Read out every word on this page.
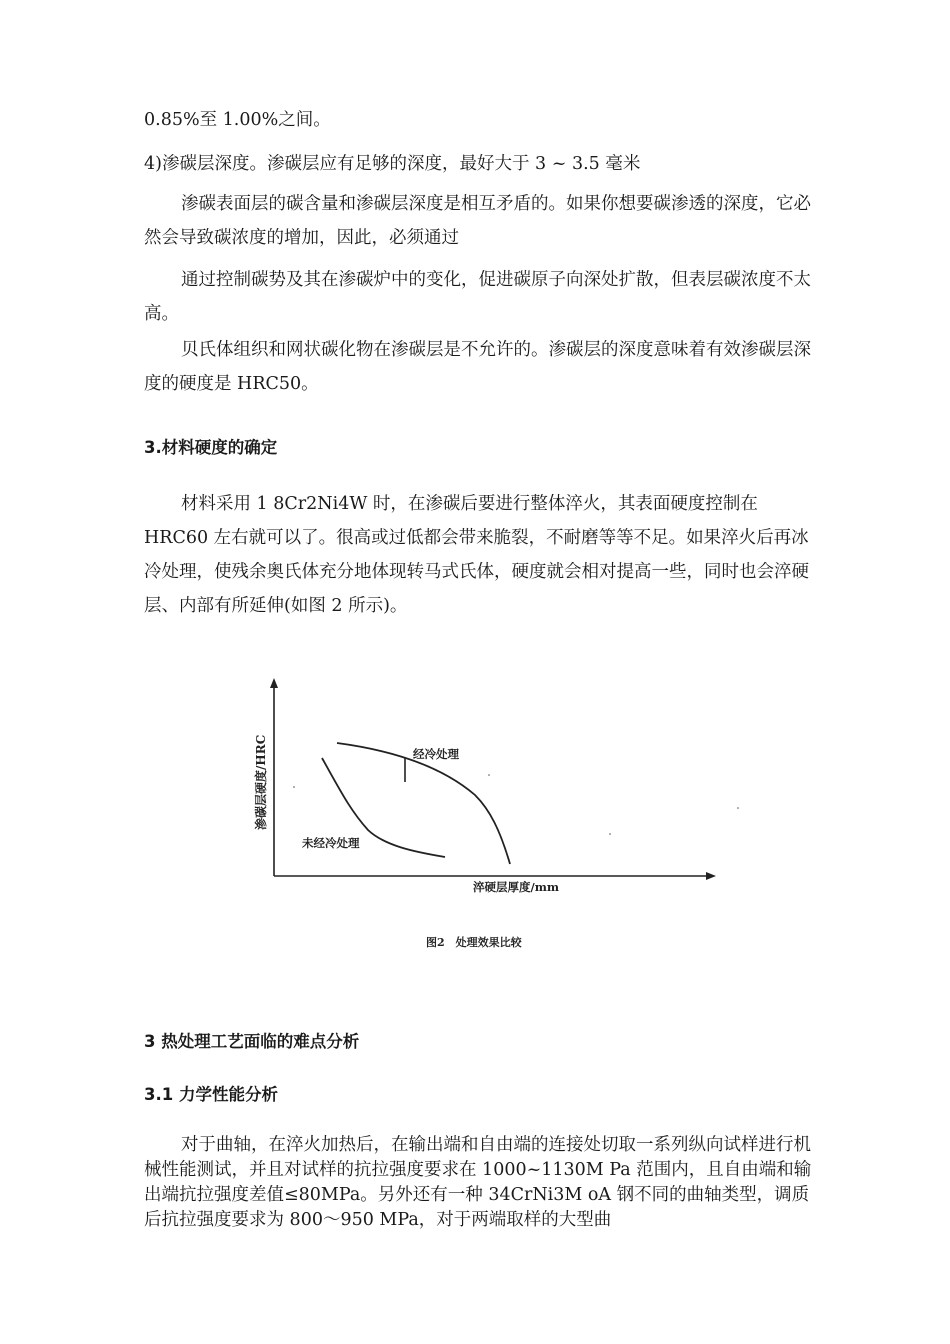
0.85%至 1.00%之间。

4)渗碳层深度。渗碳层应有足够的深度，最好大于 3 ~ 3.5 毫米

渗碳表面层的碳含量和渗碳层深度是相互矛盾的。如果你想要碳渗透的深度，它必然会导致碳浓度的增加，因此，必须通过

通过控制碳势及其在渗碳炉中的变化，促进碳原子向深处扩散，但表层碳浓度不太高。

贝氏体组织和网状碳化物在渗碳层是不允许的。渗碳层的深度意味着有效渗碳层深度的硬度是 HRC50。

3.材料硬度的确定

材料采用 1 8Cr2Ni4W 时，在渗碳后要进行整体淬火，其表面硬度控制在 HRC60 左右就可以了。很高或过低都会带来脆裂，不耐磨等等不足。如果淬火后再冰冷处理，使残余奥氏体充分地体现转马式氏体，硬度就会相对提高一些，同时也会淬硬层、内部有所延伸(如图 2 所示)。

渗碳层硬度/HRC
淬硬层厚度/mm
经冷处理
未经冷处理
图2　处理效果比较
3 热处理工艺面临的难点分析
3.1 力学性能分析

对于曲轴，在淬火加热后，在输出端和自由端的连接处切取一系列纵向试样进行机械性能测试，并且对试样的抗拉强度要求在 1000~1130M Pa 范围内，且自由端和输出端抗拉强度差值≤80MPa。另外还有一种 34CrNi3M oA 钢不同的曲轴类型，调质后抗拉强度要求为 800～950 MPa，对于两端取样的大型曲
